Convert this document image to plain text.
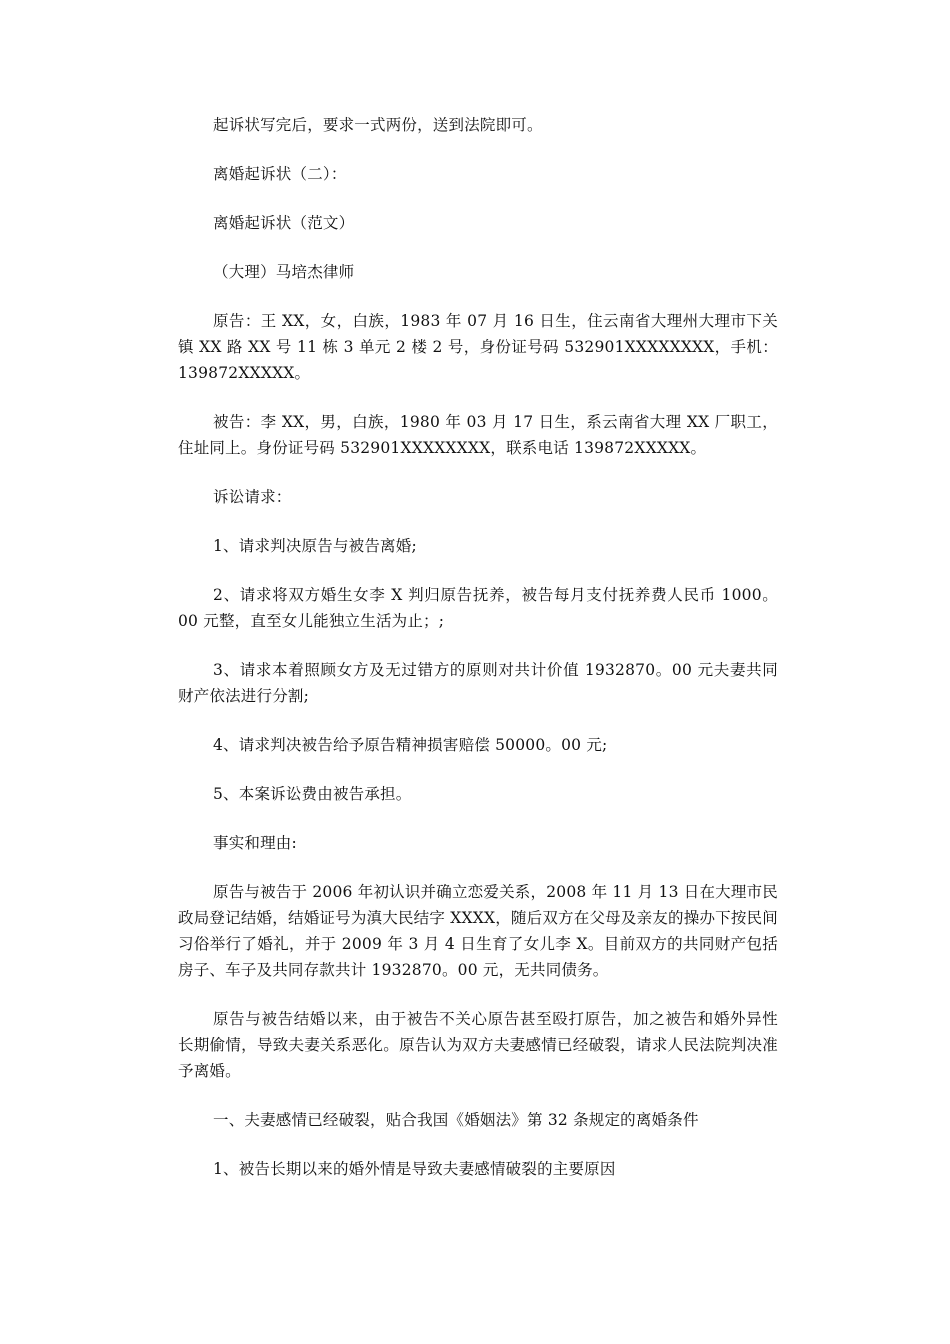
起诉状写完后，要求一式两份，送到法院即可。

离婚起诉状（二）：

离婚起诉状（范文）

（大理）马培杰律师

原告：王 XX，女，白族，1983 年 07 月 16 日生，住云南省大理州大理市下关镇 XX 路 XX 号 11 栋 3 单元 2 楼 2 号，身份证号码 532901XXXXXXXX，手机：139872XXXXX。

被告：李 XX，男，白族，1980 年 03 月 17 日生，系云南省大理 XX 厂职工，住址同上。身份证号码 532901XXXXXXXX，联系电话 139872XXXXX。

诉讼请求：

1、请求判决原告与被告离婚;

2、请求将双方婚生女李 X 判归原告抚养，被告每月支付抚养费人民币 1000。00 元整，直至女儿能独立生活为止；;

3、请求本着照顾女方及无过错方的原则对共计价值 1932870。00 元夫妻共同财产依法进行分割;

4、请求判决被告给予原告精神损害赔偿 50000。00 元;

5、本案诉讼费由被告承担。

事实和理由:

原告与被告于 2006 年初认识并确立恋爱关系，2008 年 11 月 13 日在大理市民政局登记结婚，结婚证号为滇大民结字 XXXX，随后双方在父母及亲友的操办下按民间习俗举行了婚礼，并于 2009 年 3 月 4 日生育了女儿李 X。目前双方的共同财产包括房子、车子及共同存款共计 1932870。00 元，无共同债务。

原告与被告结婚以来，由于被告不关心原告甚至殴打原告，加之被告和婚外异性长期偷情，导致夫妻关系恶化。原告认为双方夫妻感情已经破裂，请求人民法院判决准予离婚。

一、夫妻感情已经破裂，贴合我国《婚姻法》第 32 条规定的离婚条件

1、被告长期以来的婚外情是导致夫妻感情破裂的主要原因
